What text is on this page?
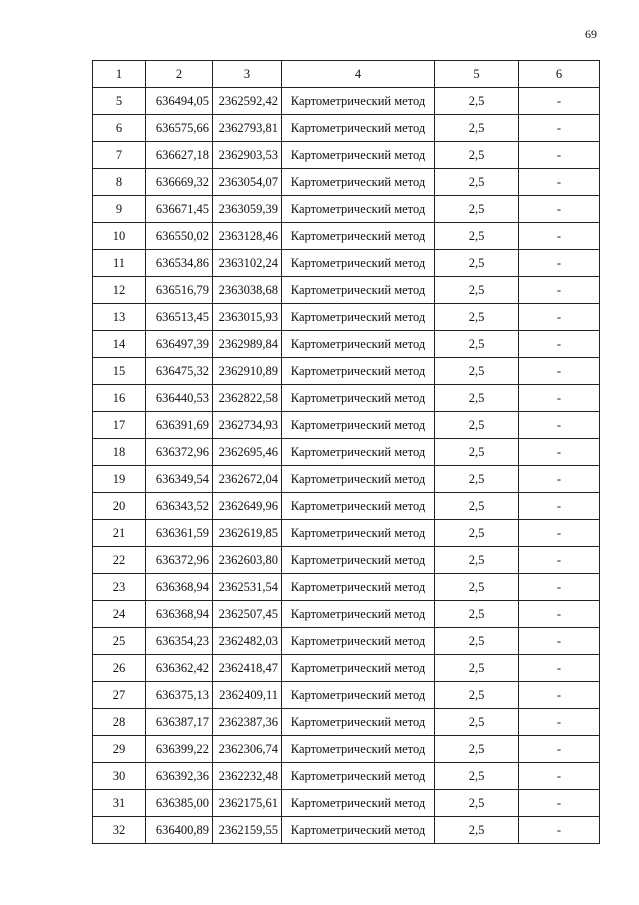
69
1	2	3	4	5	6
5	636494,05	2362592,42	Картометрический метод	2,5	-
6	636575,66	2362793,81	Картометрический метод	2,5	-
7	636627,18	2362903,53	Картометрический метод	2,5	-
8	636669,32	2363054,07	Картометрический метод	2,5	-
9	636671,45	2363059,39	Картометрический метод	2,5	-
10	636550,02	2363128,46	Картометрический метод	2,5	-
11	636534,86	2363102,24	Картометрический метод	2,5	-
12	636516,79	2363038,68	Картометрический метод	2,5	-
13	636513,45	2363015,93	Картометрический метод	2,5	-
14	636497,39	2362989,84	Картометрический метод	2,5	-
15	636475,32	2362910,89	Картометрический метод	2,5	-
16	636440,53	2362822,58	Картометрический метод	2,5	-
17	636391,69	2362734,93	Картометрический метод	2,5	-
18	636372,96	2362695,46	Картометрический метод	2,5	-
19	636349,54	2362672,04	Картометрический метод	2,5	-
20	636343,52	2362649,96	Картометрический метод	2,5	-
21	636361,59	2362619,85	Картометрический метод	2,5	-
22	636372,96	2362603,80	Картометрический метод	2,5	-
23	636368,94	2362531,54	Картометрический метод	2,5	-
24	636368,94	2362507,45	Картометрический метод	2,5	-
25	636354,23	2362482,03	Картометрический метод	2,5	-
26	636362,42	2362418,47	Картометрический метод	2,5	-
27	636375,13	2362409,11	Картометрический метод	2,5	-
28	636387,17	2362387,36	Картометрический метод	2,5	-
29	636399,22	2362306,74	Картометрический метод	2,5	-
30	636392,36	2362232,48	Картометрический метод	2,5	-
31	636385,00	2362175,61	Картометрический метод	2,5	-
32	636400,89	2362159,55	Картометрический метод	2,5	-
